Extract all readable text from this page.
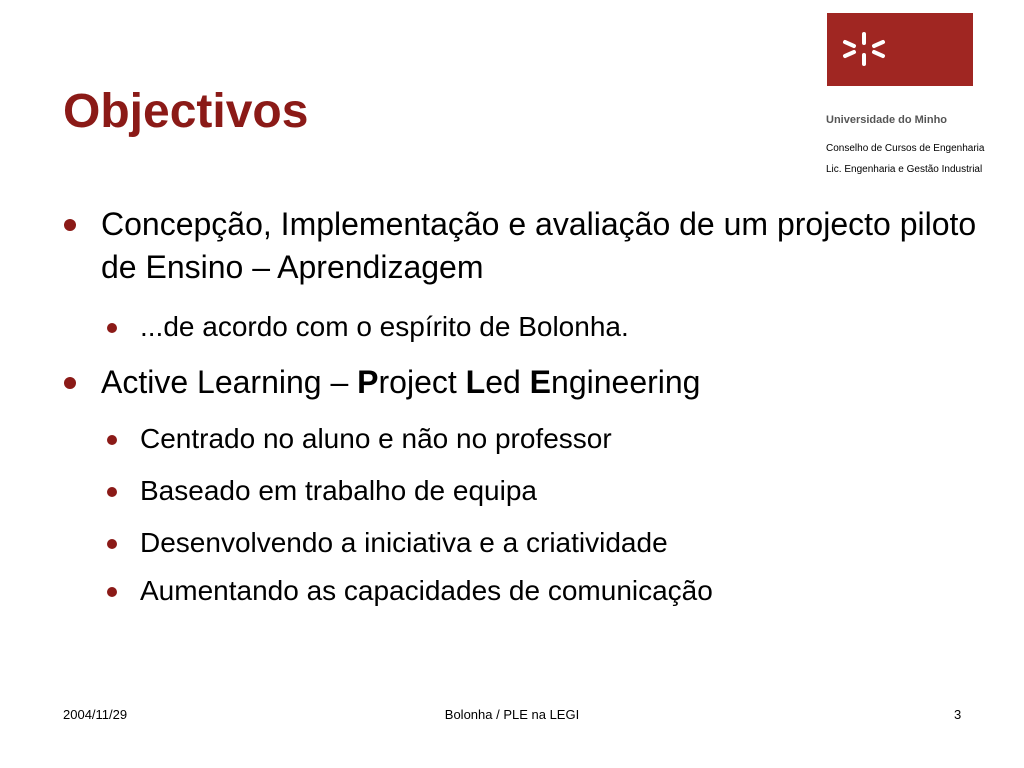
Objectivos	Universidade do Minho
Conselho de Cursos de Engenharia
Lic. Engenharia e Gestão Industrial
Concepção, Implementação e avaliação de um projecto piloto de Ensino – Aprendizagem
...de acordo com o espírito de Bolonha.
Active Learning – Project Led Engineering
Centrado no aluno e não no professor
Baseado em trabalho de equipa
Desenvolvendo a iniciativa e a criatividade
Aumentando as capacidades de comunicação
2004/11/29	Bolonha / PLE na LEGI	3
